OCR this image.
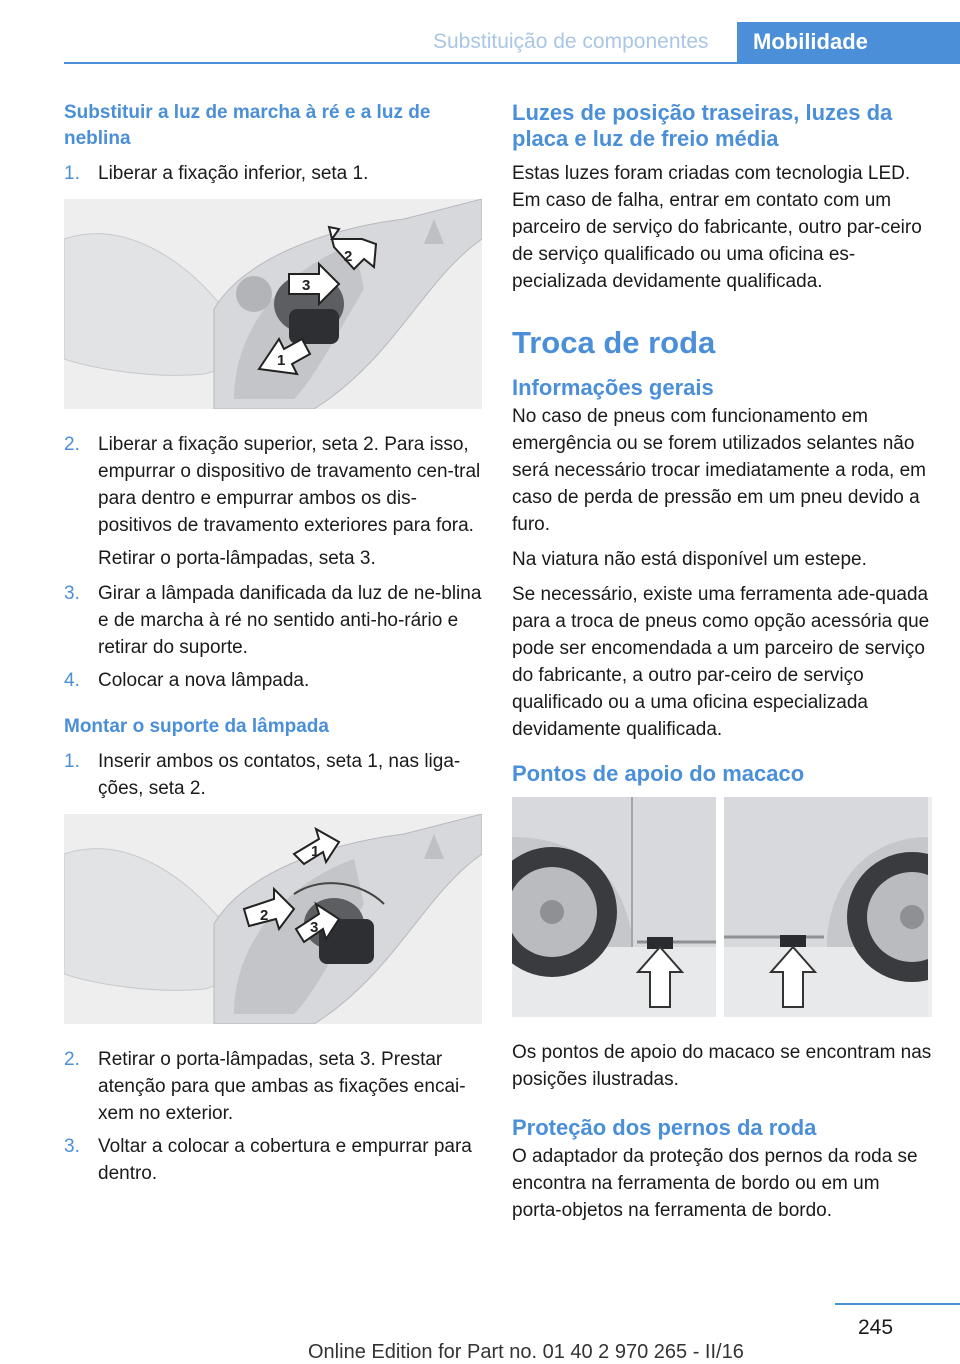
Substituição de componentes	Mobilidade
Substituir a luz de marcha à ré e a luz de neblina
1. Liberar a fixação inferior, seta 1.
1
2
3
2. Liberar a fixação superior, seta 2. Para isso, empurrar o dispositivo de travamento cen-tral para dentro e empurrar ambos os dis-positivos de travamento exteriores para fora.

Retirar o porta-lâmpadas, seta 3.

3. Girar a lâmpada danificada da luz de ne-blina e de marcha à ré no sentido anti-ho-rário e retirar do suporte.
4. Colocar a nova lâmpada.
Montar o suporte da lâmpada
1. Inserir ambos os contatos, seta 1, nas liga-ções, seta 2.
1
2
3
2. Retirar o porta-lâmpadas, seta 3. Prestar atenção para que ambas as fixações encai-xem no exterior.
3. Voltar a colocar a cobertura e empurrar para dentro.
Luzes de posição traseiras, luzes da placa e luz de freio média

Estas luzes foram criadas com tecnologia LED. Em caso de falha, entrar em contato com um parceiro de serviço do fabricante, outro par-ceiro de serviço qualificado ou uma oficina es-pecializada devidamente qualificada.

Troca de roda
Informações gerais

No caso de pneus com funcionamento em emergência ou se forem utilizados selantes não será necessário trocar imediatamente a roda, em caso de perda de pressão em um pneu devido a furo.

Na viatura não está disponível um estepe.

Se necessário, existe uma ferramenta ade-quada para a troca de pneus como opção acessória que pode ser encomendada a um parceiro de serviço do fabricante, a outro par-ceiro de serviço qualificado ou a uma oficina especializada devidamente qualificada.

Pontos de apoio do macaco

Os pontos de apoio do macaco se encontram nas posições ilustradas.

Proteção dos pernos da roda

O adaptador da proteção dos pernos da roda se encontra na ferramenta de bordo ou em um porta-objetos na ferramenta de bordo.

245
Online Edition for Part no. 01 40 2 970 265 - II/16
